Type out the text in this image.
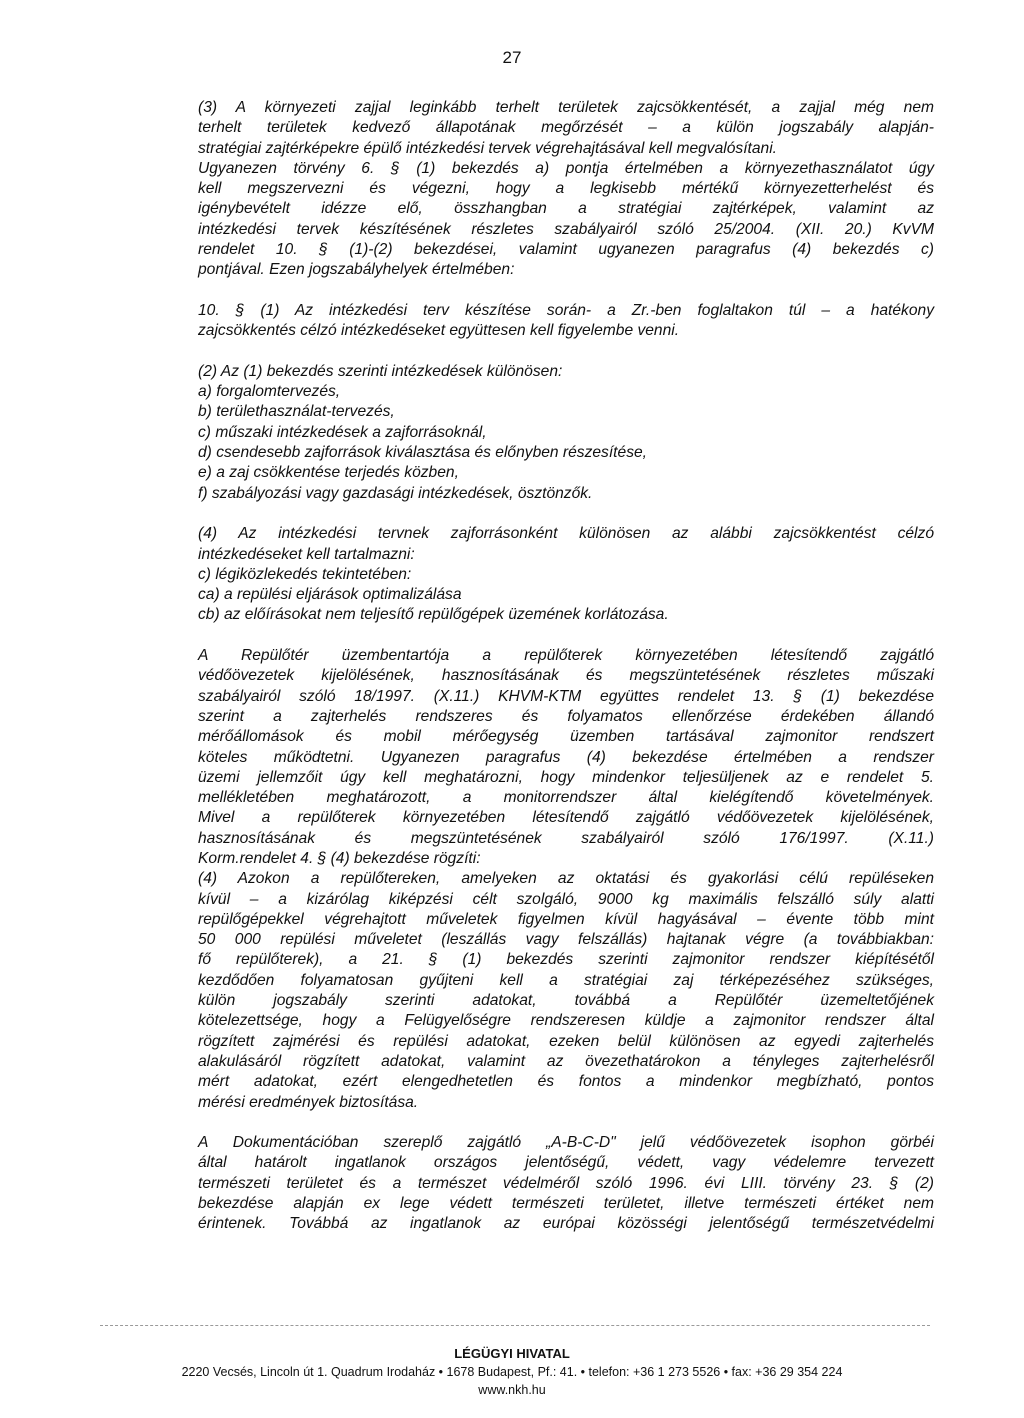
27
(3) A környezeti zajjal leginkább terhelt területek zajcsökkentését, a zajjal még nem
terhelt területek kedvező állapotának megőrzését – a külön jogszabály alapján-
stratégiai zajtérképekre épülő intézkedési tervek végrehajtásával kell megvalósítani.
Ugyanezen törvény 6. § (1) bekezdés a) pontja értelmében a környezethasználatot úgy
kell megszervezni és végezni, hogy a legkisebb mértékű környezetterhelést és
igénybevételt idézze elő, összhangban a stratégiai zajtérképek, valamint az
intézkedési tervek készítésének részletes szabályairól szóló 25/2004. (XII. 20.) KvVM
rendelet 10. § (1)-(2) bekezdései, valamint ugyanezen paragrafus (4) bekezdés c)
pontjával. Ezen jogszabályhelyek értelmében:
10. § (1) Az intézkedési terv készítése során- a Zr.-ben foglaltakon túl – a hatékony
zajcsökkentés célzó intézkedéseket együttesen kell figyelembe venni.
(2) Az (1) bekezdés szerinti intézkedések különösen:
a) forgalomtervezés,
b) területhasználat-tervezés,
c) műszaki intézkedések a zajforrásoknál,
d) csendesebb zajforrások kiválasztása és előnyben részesítése,
e) a zaj csökkentése terjedés közben,
f) szabályozási vagy gazdasági intézkedések, ösztönzők.
(4) Az intézkedési tervnek zajforrásonként különösen az alábbi zajcsökkentést célzó
intézkedéseket kell tartalmazni:
c) légiközlekedés tekintetében:
ca) a repülési eljárások optimalizálása
cb) az előírásokat nem teljesítő repülőgépek üzemének korlátozása.
A Repülőtér üzembentartója a repülőterek környezetében létesítendő zajgátló
védőövezetek kijelölésének, hasznosításának és megszüntetésének részletes műszaki
szabályairól szóló 18/1997. (X.11.) KHVM-KTM együttes rendelet 13. § (1) bekezdése
szerint a zajterhelés rendszeres és folyamatos ellenőrzése érdekében állandó
mérőállomások és mobil mérőegység üzemben tartásával zajmonitor rendszert
köteles működtetni. Ugyanezen paragrafus (4) bekezdése értelmében a rendszer
üzemi jellemzőit úgy kell meghatározni, hogy mindenkor teljesüljenek az e rendelet 5.
mellékletében meghatározott, a monitorrendszer által kielégítendő követelmények.
Mivel a repülőterek környezetében létesítendő zajgátló védőövezetek kijelölésének,
hasznosításának és megszüntetésének szabályairól szóló 176/1997. (X.11.)
Korm.rendelet 4. § (4) bekezdése rögzíti:
(4) Azokon a repülőtereken, amelyeken az oktatási és gyakorlási célú repüléseken
kívül – a kizárólag kiképzési célt szolgáló, 9000 kg maximális felszálló súly alatti
repülőgépekkel végrehajtott műveletek figyelmen kívül hagyásával – évente több mint
50 000 repülési műveletet (leszállás vagy felszállás) hajtanak végre (a továbbiakban:
fő repülőterek), a 21. § (1) bekezdés szerinti zajmonitor rendszer kiépítésétől
kezdődően folyamatosan gyűjteni kell a stratégiai zaj térképezéséhez szükséges,
külön jogszabály szerinti adatokat, továbbá a Repülőtér üzemeltetőjének
kötelezettsége, hogy a Felügyelőségre rendszeresen küldje a zajmonitor rendszer által
rögzített zajmérési és repülési adatokat, ezeken belül különösen az egyedi zajterhelés
alakulásáról rögzített adatokat, valamint az övezethatárokon a tényleges zajterhelésről
mért adatokat, ezért elengedhetetlen és fontos a mindenkor megbízható, pontos
mérési eredmények biztosítása.
A Dokumentációban szereplő zajgátló „A-B-C-D" jelű védőövezetek isophon görbéi
által határolt ingatlanok országos jelentőségű, védett, vagy védelemre tervezett
természeti területet és a természet védelméről szóló 1996. évi LIII. törvény 23. § (2)
bekezdése alapján ex lege védett természeti területet, illetve természeti értéket nem
érintenek. Továbbá az ingatlanok az európai közösségi jelentőségű természetvédelmi
LÉGÜGYI HIVATAL
2220 Vecsés, Lincoln út 1. Quadrum Irodaház • 1678 Budapest, Pf.: 41. • telefon: +36 1 273 5526 • fax: +36 29 354 224
www.nkh.hu
